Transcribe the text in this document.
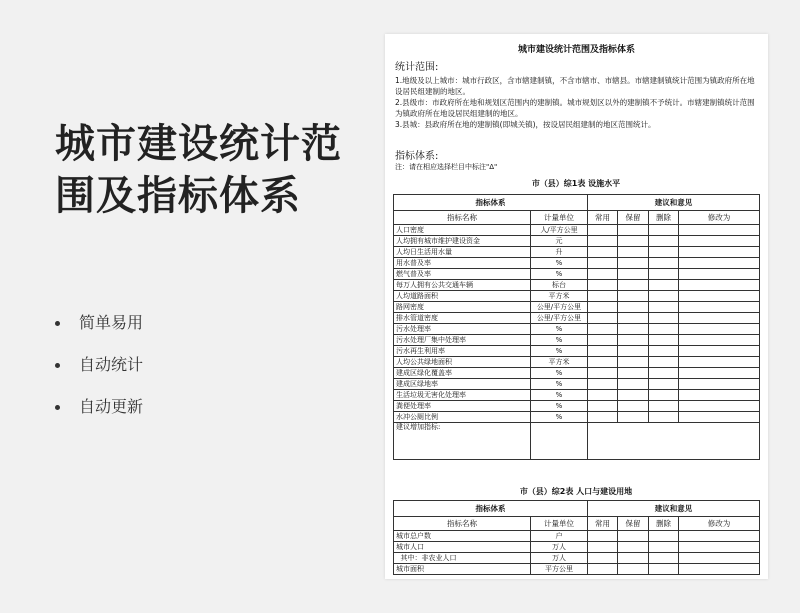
城市建设统计范围及指标体系
简单易用
自动统计
自动更新
城市建设统计范围及指标体系
统计范围:

1.地级及以上城市：城市行政区，含市辖建制镇，不含市辖市、市辖县。市辖建制镇统计范围为镇政府所在地设居民组建制的地区。

2.县级市：市政府所在地和规划区范围内的建制镇。城市规划区以外的建制镇不予统计。市辖建制镇统计范围为镇政府所在地设居民组建制的地区。

3.县城：县政府所在地的建制镇(即城关镇)，按设居民组建制的地区范围统计。

指标体系:
注：请在相应选择栏目中标注"Δ"
市（县）综1表 设施水平
指标体系		建议和意见			
指标名称	计量单位	常用	保留	删除	修改为
人口密度	人/平方公里				
人均拥有城市维护建设资金	元				
人均日生活用水量	升				
用水普及率	%				
燃气普及率	%				
每万人拥有公共交通车辆	标台				
人均道路面积	平方米				
路网密度	公里/平方公里				
排水管道密度	公里/平方公里				
污水处理率	%				
污水处理厂集中处理率	%				
污水再生利用率	%				
人均公共绿地面积	平方米				
建成区绿化覆盖率	%				
建成区绿地率	%				
生活垃圾无害化处理率	%				
粪便处理率	%				
水冲公厕比例	%				
建议增加指标:					
市（县）综2表 人口与建设用地
指标体系		建议和意见			
指标名称	计量单位	常用	保留	删除	修改为
城市总户数	户				
城市人口	万人				
其中：非农业人口	万人				
城市面积	平方公里				
